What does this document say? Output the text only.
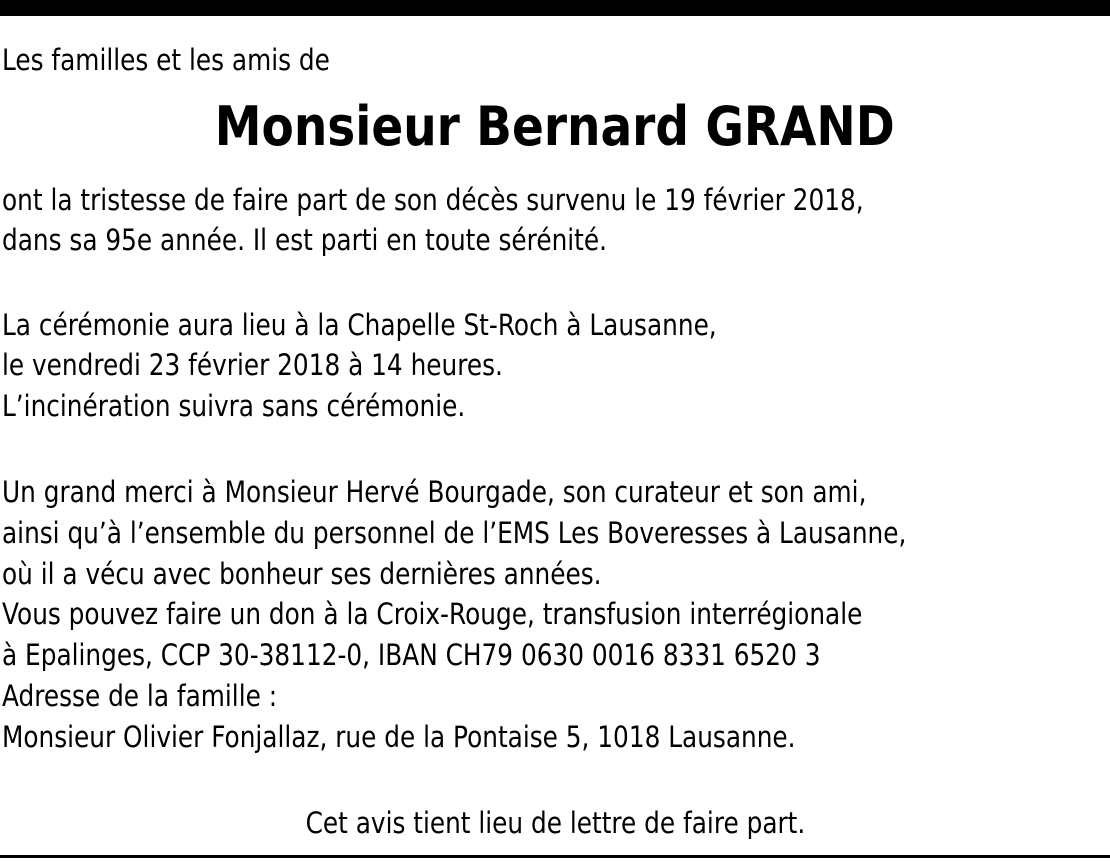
Les familles et les amis de

Monsieur Bernard GRAND

ont la tristesse de faire part de son décès survenu le 19 février 2018,

dans sa 95e année. Il est parti en toute sérénité.

La cérémonie aura lieu à la Chapelle St-Roch à Lausanne,

le vendredi 23 février 2018 à 14 heures.

L’incinération suivra sans cérémonie.

Un grand merci à Monsieur Hervé Bourgade, son curateur et son ami,

ainsi qu’à l’ensemble du personnel de l’EMS Les Boveresses à Lausanne,

où il a vécu avec bonheur ses dernières années.

Vous pouvez faire un don à la Croix-Rouge, transfusion interrégionale

à Epalinges, CCP 30-38112-0, IBAN CH79 0630 0016 8331 6520 3

Adresse de la famille :

Monsieur Olivier Fonjallaz, rue de la Pontaise 5, 1018 Lausanne.

Cet avis tient lieu de lettre de faire part.
